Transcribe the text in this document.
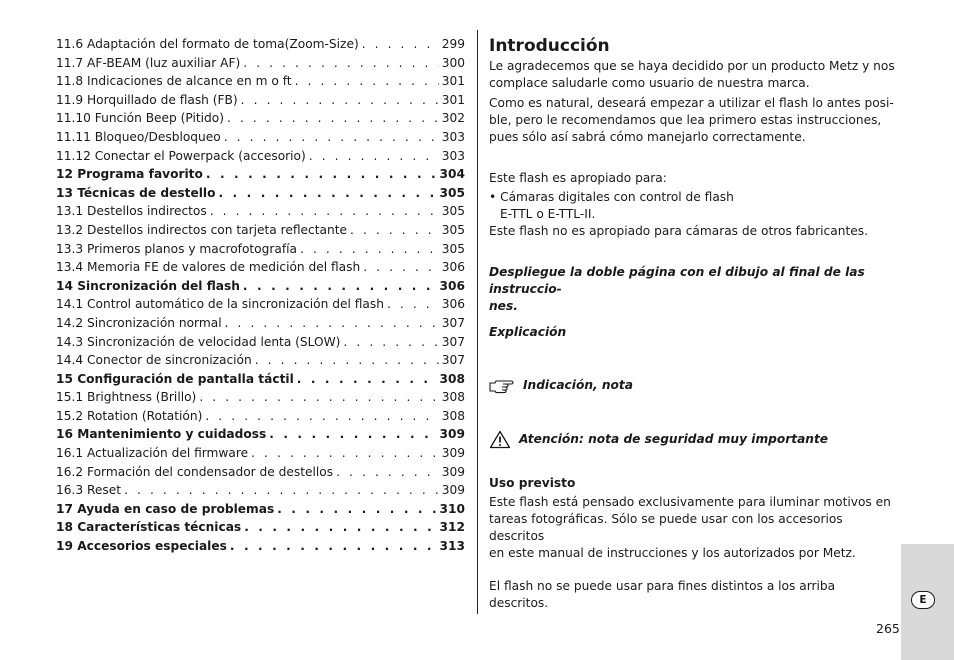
11.6 Adaptación del formato de toma(Zoom-Size) . . .	299
11.7 AF-BEAM (luz auxiliar AF) . . .	300
11.8 Indicaciones de alcance en m o ft . . .	301
11.9 Horquillado de flash (FB) . . .	301
11.10 Función Beep (Pitido) . . .	302
11.11 Bloqueo/Desbloqueo . . .	303
11.12 Conectar el Powerpack (accesorio) . . .	303
12 Programa favorito . . .	304
13 Técnicas de destello . . .	305
13.1 Destellos indirectos . . .	305
13.2 Destellos indirectos con tarjeta reflectante . . .	305
13.3 Primeros planos y macrofotografía . . .	305
13.4 Memoria FE de valores de medición del flash . . .	306
14 Sincronización del flash . . .	306
14.1 Control automático de la sincronización del flash . . .	306
14.2 Sincronización normal . . .	307
14.3 Sincronización de velocidad lenta (SLOW) . . .	307
14.4 Conector de sincronización . . .	307
15 Configuración de pantalla táctil . . .	308
15.1 Brightness (Brillo) . . .	308
15.2 Rotation (Rotatión) . . .	308
16 Mantenimiento y cuidadoss . . .	309
16.1 Actualización del firmware . . .	309
16.2 Formación del condensador de destellos . . .	309
16.3 Reset . . .	309
17 Ayuda en caso de problemas . . .	310
18 Características técnicas . . .	312
19 Accesorios especiales . . .	313

Introducción

Le agradecemos que se haya decidido por un producto Metz y nos

complace saludarle como usuario de nuestra marca.

Como es natural, deseará empezar a utilizar el flash lo antes posi-

ble, pero le recomendamos que lea primero estas instrucciones,

pues sólo así sabrá cómo manejarlo correctamente.

Este flash es apropiado para:

• Cámaras digitales con control de flash

E-TTL o E-TTL-II.

Este flash no es apropiado para cámaras de otros fabricantes.

Despliegue la doble página con el dibujo al final de las instruccio-

nes.

Explicación

Indicación, nota
Atención: nota de seguridad muy importante

Uso previsto

Este flash está pensado exclusivamente para iluminar motivos en

tareas fotográficas. Sólo se puede usar con los accesorios descritos

en este manual de instrucciones y los autorizados por Metz.

El flash no se puede usar para fines distintos a los arriba descritos.	E
265
